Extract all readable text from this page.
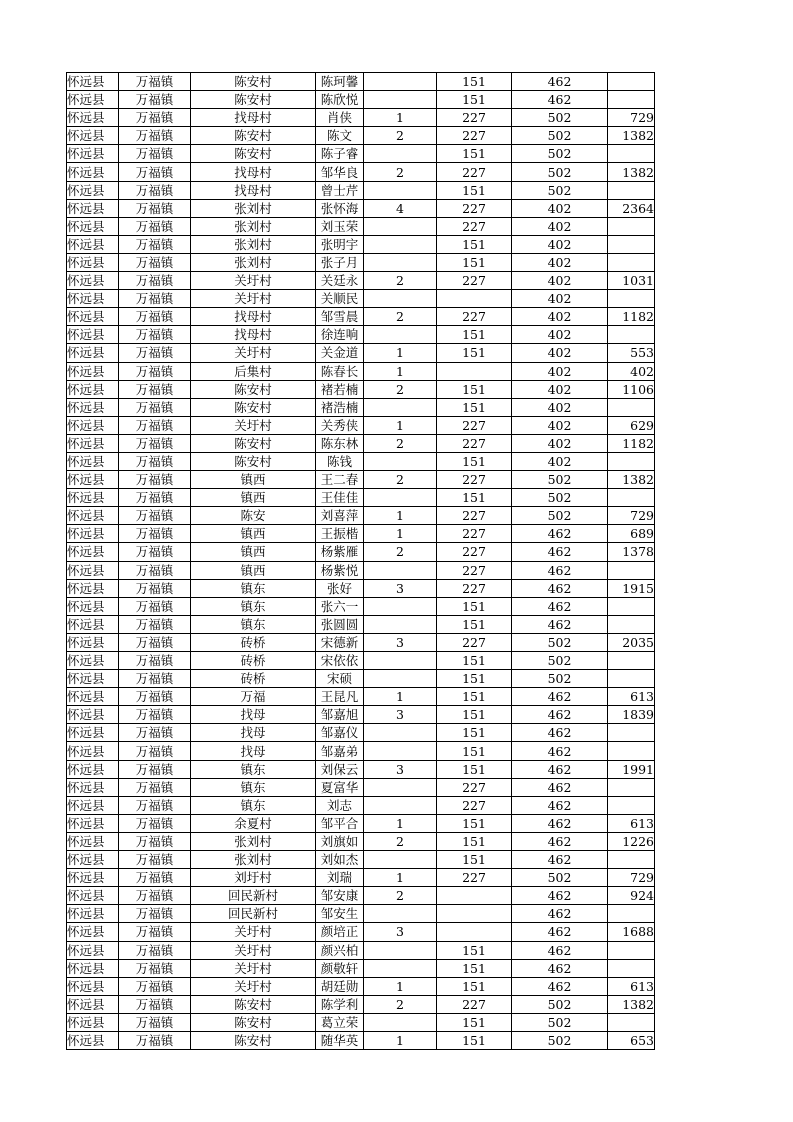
怀远县	万福镇	陈安村	陈珂馨		151	462	
怀远县	万福镇	陈安村	陈欣悦		151	462	
怀远县	万福镇	找母村	肖侠	1	227	502	729
怀远县	万福镇	陈安村	陈文	2	227	502	1382
怀远县	万福镇	陈安村	陈子睿		151	502	
怀远县	万福镇	找母村	邹华良	2	227	502	1382
怀远县	万福镇	找母村	曾士芹		151	502	
怀远县	万福镇	张刘村	张怀海	4	227	402	2364
怀远县	万福镇	张刘村	刘玉荣		227	402	
怀远县	万福镇	张刘村	张明宇		151	402	
怀远县	万福镇	张刘村	张子月		151	402	
怀远县	万福镇	关圩村	关廷永	2	227	402	1031
怀远县	万福镇	关圩村	关顺民			402	
怀远县	万福镇	找母村	邹雪晨	2	227	402	1182
怀远县	万福镇	找母村	徐连响		151	402	
怀远县	万福镇	关圩村	关金道	1	151	402	553
怀远县	万福镇	后集村	陈春长	1		402	402
怀远县	万福镇	陈安村	褚若楠	2	151	402	1106
怀远县	万福镇	陈安村	褚浩楠		151	402	
怀远县	万福镇	关圩村	关秀侠	1	227	402	629
怀远县	万福镇	陈安村	陈东林	2	227	402	1182
怀远县	万福镇	陈安村	陈钱		151	402	
怀远县	万福镇	镇西	王二春	2	227	502	1382
怀远县	万福镇	镇西	王佳佳		151	502	
怀远县	万福镇	陈安	刘喜萍	1	227	502	729
怀远县	万福镇	镇西	王振楷	1	227	462	689
怀远县	万福镇	镇西	杨紫雁	2	227	462	1378
怀远县	万福镇	镇西	杨紫悦		227	462	
怀远县	万福镇	镇东	张好	3	227	462	1915
怀远县	万福镇	镇东	张六一		151	462	
怀远县	万福镇	镇东	张圆圆		151	462	
怀远县	万福镇	砖桥	宋德新	3	227	502	2035
怀远县	万福镇	砖桥	宋依依		151	502	
怀远县	万福镇	砖桥	宋硕		151	502	
怀远县	万福镇	万福	王昆凡	1	151	462	613
怀远县	万福镇	找母	邹嘉旭	3	151	462	1839
怀远县	万福镇	找母	邹嘉仪		151	462	
怀远县	万福镇	找母	邹嘉弟		151	462	
怀远县	万福镇	镇东	刘保云	3	151	462	1991
怀远县	万福镇	镇东	夏富华		227	462	
怀远县	万福镇	镇东	刘志		227	462	
怀远县	万福镇	余夏村	邹平合	1	151	462	613
怀远县	万福镇	张刘村	刘旗如	2	151	462	1226
怀远县	万福镇	张刘村	刘如杰		151	462	
怀远县	万福镇	刘圩村	刘瑞	1	227	502	729
怀远县	万福镇	回民新村	邹安康	2		462	924
怀远县	万福镇	回民新村	邹安生			462	
怀远县	万福镇	关圩村	颜培正	3		462	1688
怀远县	万福镇	关圩村	颜兴柏		151	462	
怀远县	万福镇	关圩村	颜敬轩		151	462	
怀远县	万福镇	关圩村	胡廷勋	1	151	462	613
怀远县	万福镇	陈安村	陈学利	2	227	502	1382
怀远县	万福镇	陈安村	葛立荣		151	502	
怀远县	万福镇	陈安村	随华英	1	151	502	653
